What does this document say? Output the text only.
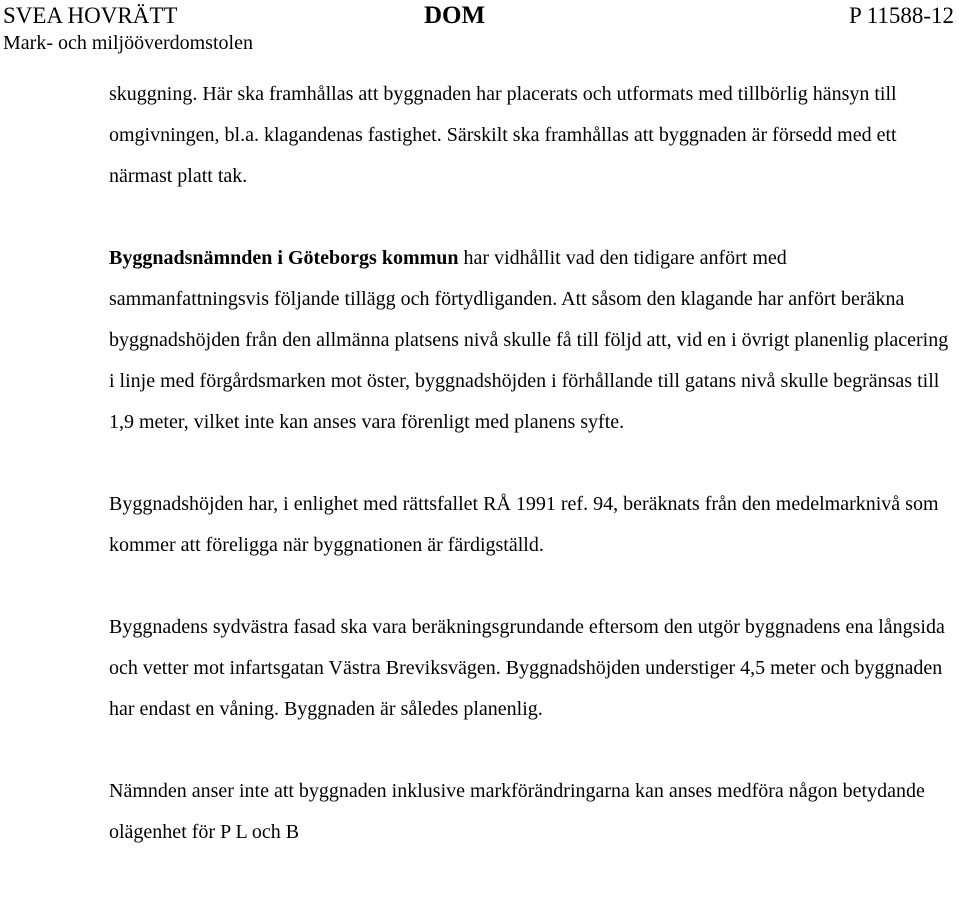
SVEA HOVRÄTT
Mark- och miljööverdomstolen
DOM	P 11588-12

skuggning. Här ska framhållas att byggnaden har placerats och utformats med tillbörlig hänsyn till omgivningen, bl.a. klagandenas fastighet. Särskilt ska framhållas att byggnaden är försedd med ett närmast platt tak.

Byggnadsnämnden i Göteborgs kommun har vidhållit vad den tidigare anfört med sammanfattningsvis följande tillägg och förtydliganden. Att såsom den klagande har anfört beräkna byggnadshöjden från den allmänna platsens nivå skulle få till följd att, vid en i övrigt planenlig placering i linje med förgårdsmarken mot öster, byggnadshöjden i förhållande till gatans nivå skulle begränsas till 1,9 meter, vilket inte kan anses vara förenligt med planens syfte.

Byggnadshöjden har, i enlighet med rättsfallet RÅ 1991 ref. 94, beräknats från den medelmarknivå som kommer att föreligga när byggnationen är färdigställd.

Byggnadens sydvästra fasad ska vara beräkningsgrundande eftersom den utgör byggnadens ena långsida och vetter mot infartsgatan Västra Breviksvägen. Byggnadshöjden understiger 4,5 meter och byggnaden har endast en våning. Byggnaden är således planenlig.

Nämnden anser inte att byggnaden inklusive markförändringarna kan anses medföra någon betydande olägenhet för P L och B
